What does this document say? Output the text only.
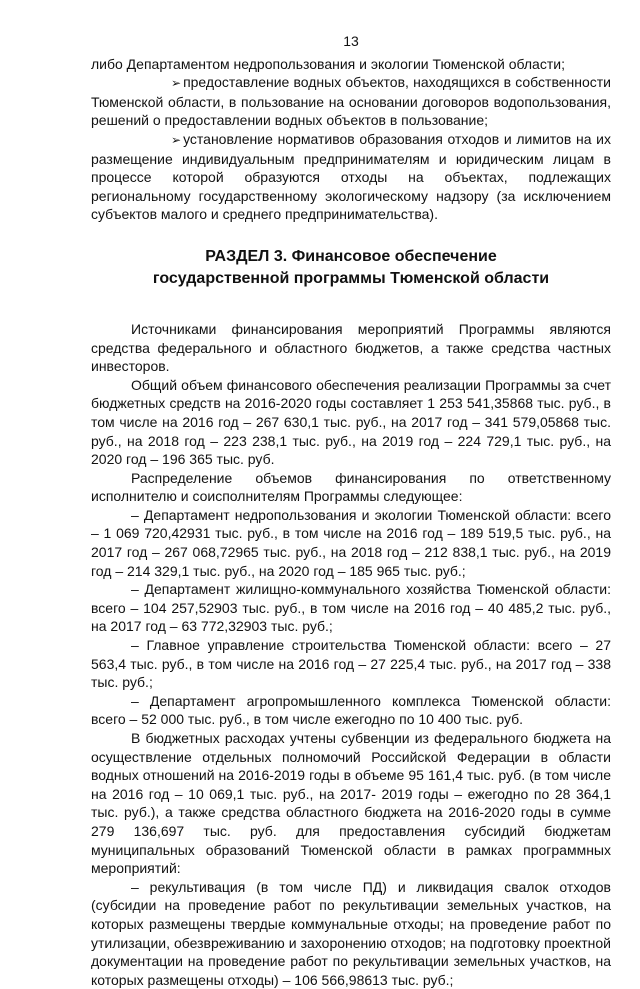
13

либо Департаментом недропользования и экологии Тюменской области;

➢ предоставление водных объектов, находящихся в собственности Тюменской области, в пользование на основании договоров водопользования, решений о предоставлении водных объектов в пользование;

➢ установление нормативов образования отходов и лимитов на их размещение индивидуальным предпринимателям и юридическим лицам в процессе которой образуются отходы на объектах, подлежащих региональному государственному экологическому надзору (за исключением субъектов малого и среднего предпринимательства).

РАЗДЕЛ 3. Финансовое обеспечение
государственной программы Тюменской области

Источниками финансирования мероприятий Программы являются средства федерального и областного бюджетов, а также средства частных инвесторов.

Общий объем финансового обеспечения реализации Программы за счет бюджетных средств на 2016-2020 годы составляет 1 253 541,35868 тыс. руб., в том числе на 2016 год – 267 630,1 тыс. руб., на 2017 год – 341 579,05868 тыс. руб., на 2018 год – 223 238,1 тыс. руб., на 2019 год – 224 729,1 тыс. руб., на 2020 год – 196 365 тыс. руб.

Распределение объемов финансирования по ответственному исполнителю и соисполнителям Программы следующее:

– Департамент недропользования и экологии Тюменской области: всего – 1 069 720,42931 тыс. руб., в том числе на 2016 год – 189 519,5 тыс. руб., на 2017 год – 267 068,72965 тыс. руб., на 2018 год – 212 838,1 тыс. руб., на 2019 год – 214 329,1 тыс. руб., на 2020 год – 185 965 тыс. руб.;

– Департамент жилищно-коммунального хозяйства Тюменской области: всего – 104 257,52903 тыс. руб., в том числе на 2016 год – 40 485,2 тыс. руб., на 2017 год – 63 772,32903 тыс. руб.;

– Главное управление строительства Тюменской области: всего – 27 563,4 тыс. руб., в том числе на 2016 год – 27 225,4 тыс. руб., на 2017 год – 338 тыс. руб.;

– Департамент агропромышленного комплекса Тюменской области: всего – 52 000 тыс. руб., в том числе ежегодно по 10 400 тыс. руб.

В бюджетных расходах учтены субвенции из федерального бюджета на осуществление отдельных полномочий Российской Федерации в области водных отношений на 2016-2019 годы в объеме 95 161,4 тыс. руб. (в том числе на 2016 год – 10 069,1 тыс. руб., на 2017- 2019 годы – ежегодно по 28 364,1 тыс. руб.), а также средства областного бюджета на 2016-2020 годы в сумме 279 136,697 тыс. руб. для предоставления субсидий бюджетам муниципальных образований Тюменской области в рамках программных мероприятий:

– рекультивация (в том числе ПД) и ликвидация свалок отходов (субсидии на проведение работ по рекультивации земельных участков, на которых размещены твердые коммунальные отходы; на проведение работ по утилизации, обезвреживанию и захоронению отходов; на подготовку проектной документации на проведение работ по рекультивации земельных участков, на которых размещены отходы) – 106 566,98613 тыс. руб.;
